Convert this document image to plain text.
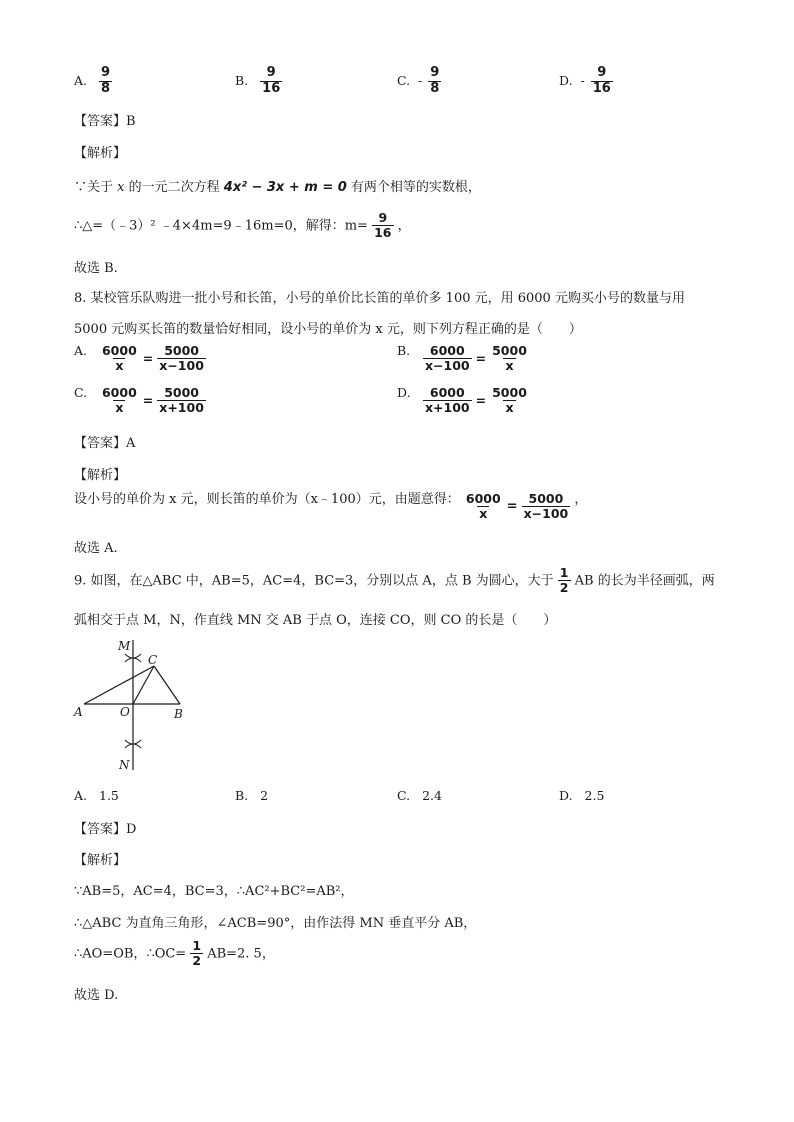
A. $\frac{9}{8}$	B. $\frac{9}{16}$	C. - $\frac{9}{8}$	D. - $\frac{9}{16}$
【答案】B
【解析】
∵关于 x 的一元二次方程 4x² − 3x + m = 0 有两个相等的实数根，
∴△=（﹣3）² ﹣4×4m=9﹣16m=0，解得：$m= \frac{9}{16}$ ，
故选 B.
8. 某校管乐队购进一批小号和长笛，小号的单价比长笛的单价多 100 元，用 6000 元购买小号的数量与用
5000 元购买长笛的数量恰好相同，设小号的单价为 x 元，则下列方程正确的是（　　）
A. $\frac{6000}{x} = \frac{5000}{x-100}$	B. $\frac{6000}{x-100} = \frac{5000}{x}$
C. $\frac{6000}{x} = \frac{5000}{x+100}$	D. $\frac{6000}{x+100} = \frac{5000}{x}$
【答案】A
【解析】
设小号的单价为 x 元，则长笛的单价为（x﹣100）元，由题意得： $\frac{6000}{x} = \frac{5000}{x-100}$ ，
故选 A.
9. 如图，在△ABC 中，AB=5，AC=4，BC=3，分别以点 A，点 B 为圆心，大于 $\frac{1}{2}$ AB 的长为半径画弧，两
弧相交于点 M，N，作直线 MN 交 AB 于点 O，连接 CO，则 CO 的长是（　　）
M
C
A	O	B
N
A. 1.5	B. 2	C. 2.4	D. 2.5
【答案】D
【解析】
∵AB=5，AC=4，BC=3，∴AC²+BC²=AB²，
∴△ABC 为直角三角形，∠ACB=90°，由作法得 MN 垂直平分 AB，
∴AO=OB，∴OC= $\frac{1}{2} AB=2$. 5，
故选 D.
